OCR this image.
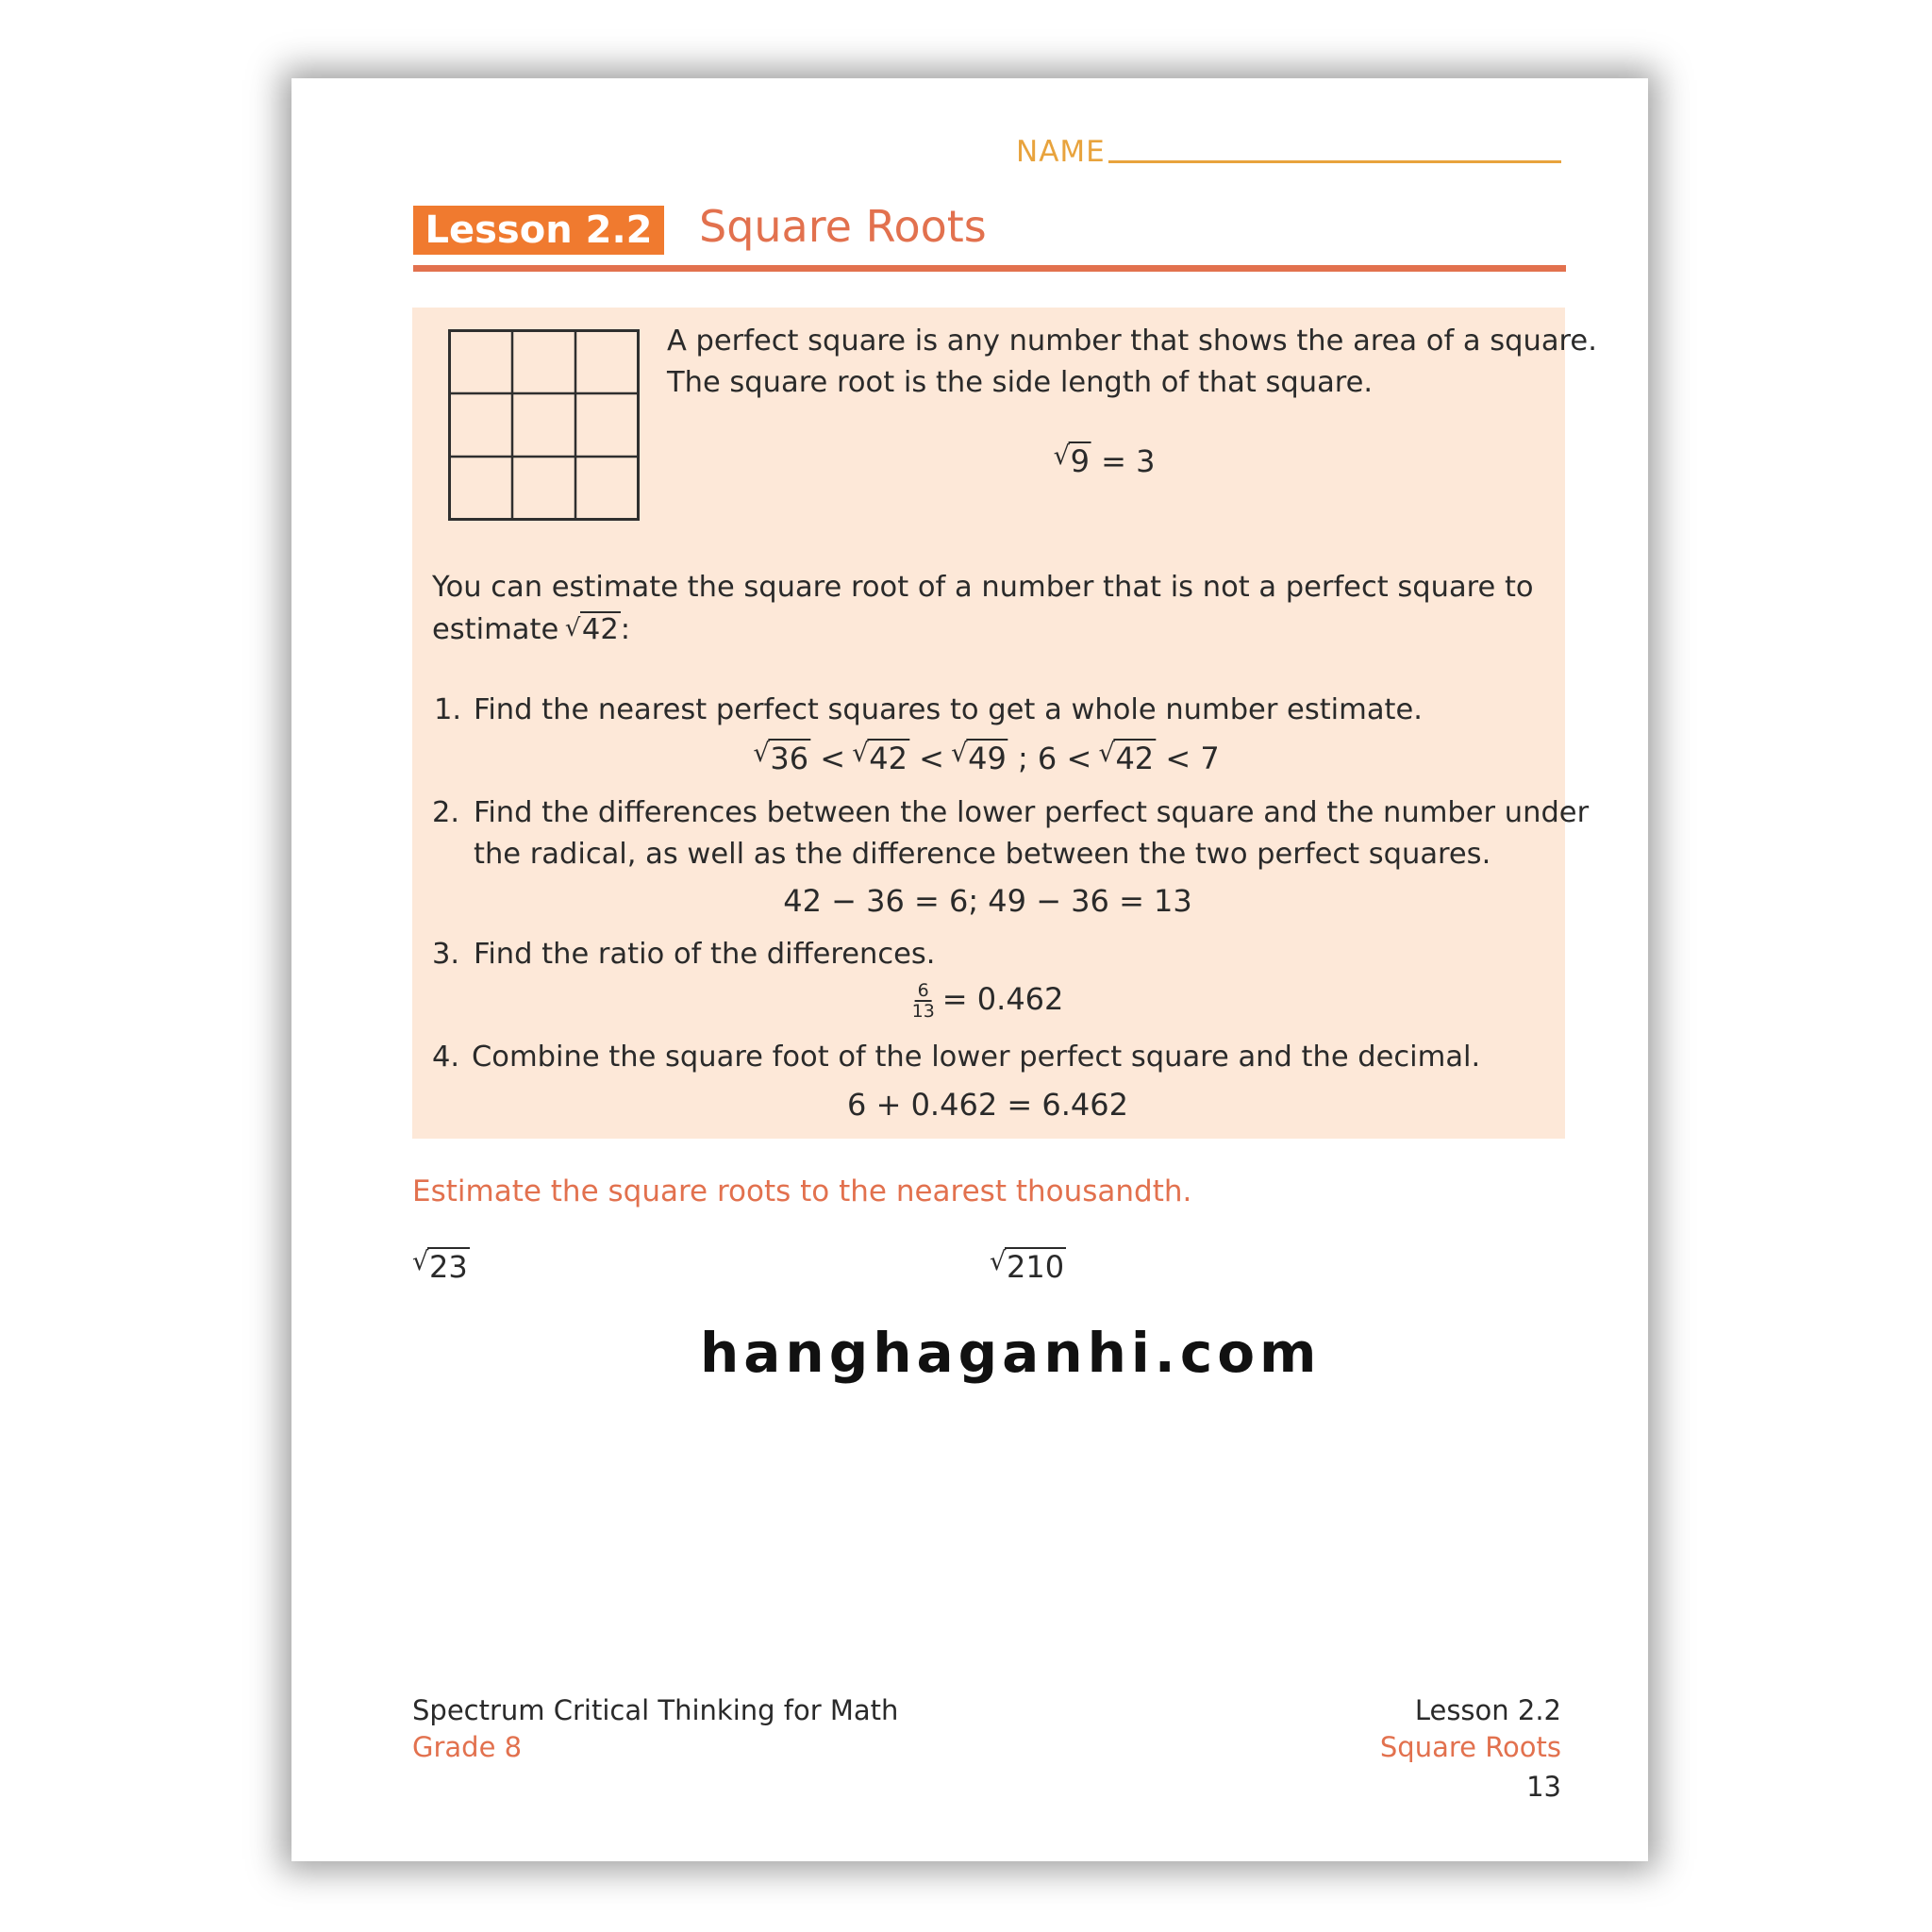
NAME
Lesson 2.2 Square Roots
A perfect square is any number that shows the area of a square.
The square root is the side length of that square.
√ 9 = 3
You can estimate the square root of a number that is not a perfect square to
estimate √ 42:
1. Find the nearest perfect squares to get a whole number estimate.
√ 36 < √ 42 < √ 49 ; 6 < √ 42 < 7
2. Find the differences between the lower perfect square and the number under
the radical, as well as the difference between the two perfect squares.
42 − 36 = 6; 49 − 36 = 13
3. Find the ratio of the differences.
$\frac{6}{13} = 0.462$
4. Combine the square foot of the lower perfect square and the decimal.
6 + 0.462 = 6.462
Estimate the square roots to the nearest thousandth.
√ 23	√ 210
hanghaganhi.com
Spectrum Critical Thinking for Math
Grade 8
Lesson 2.2
Square Roots
13
